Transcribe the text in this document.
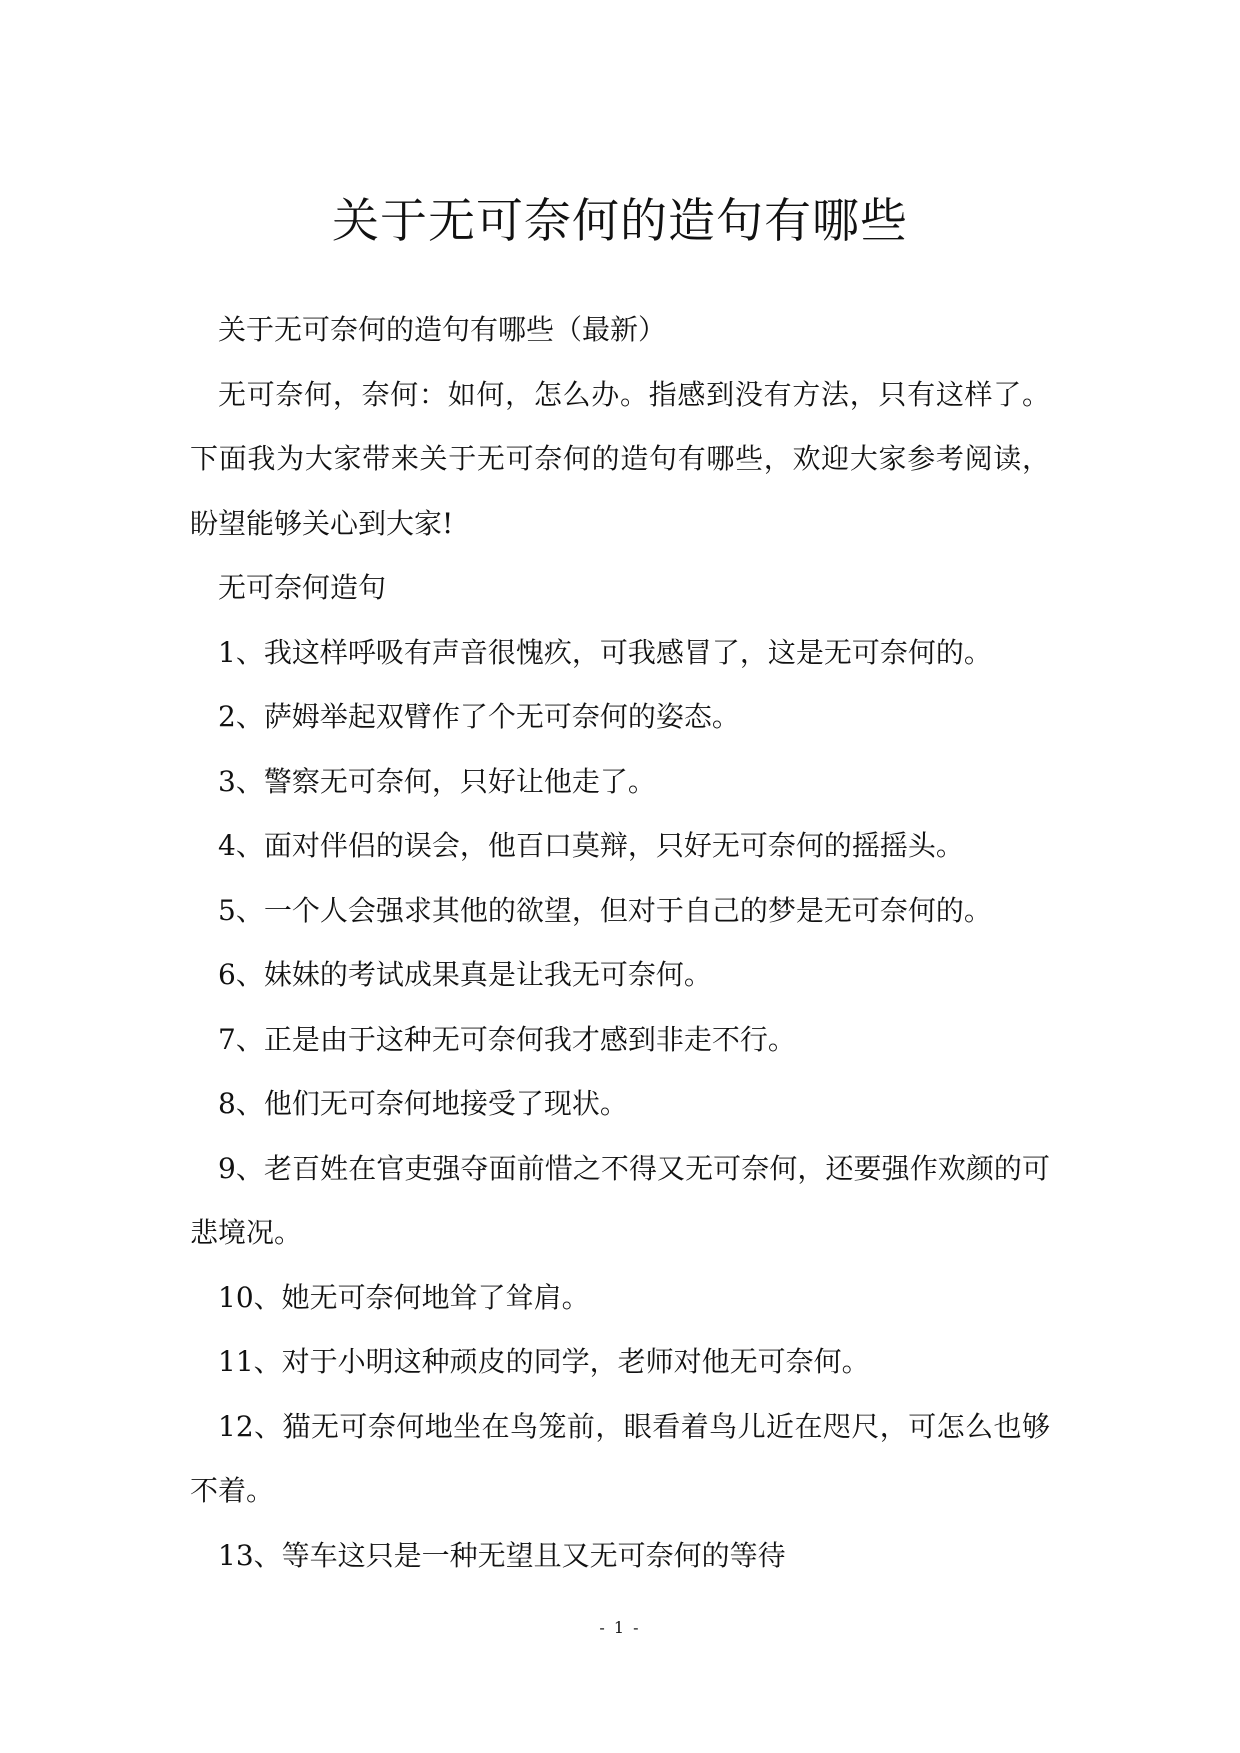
关于无可奈何的造句有哪些

关于无可奈何的造句有哪些（最新）

无可奈何，奈何：如何，怎么办。指感到没有方法，只有这样了。下面我为大家带来关于无可奈何的造句有哪些，欢迎大家参考阅读，盼望能够关心到大家!

无可奈何造句

1、我这样呼吸有声音很愧疚，可我感冒了，这是无可奈何的。

2、萨姆举起双臂作了个无可奈何的姿态。

3、警察无可奈何，只好让他走了。

4、面对伴侣的误会，他百口莫辩，只好无可奈何的摇摇头。

5、一个人会强求其他的欲望，但对于自己的梦是无可奈何的。

6、妹妹的考试成果真是让我无可奈何。

7、正是由于这种无可奈何我才感到非走不行。

8、他们无可奈何地接受了现状。

9、老百姓在官吏强夺面前惜之不得又无可奈何，还要强作欢颜的可悲境况。

10、她无可奈何地耸了耸肩。

11、对于小明这种顽皮的同学，老师对他无可奈何。

12、猫无可奈何地坐在鸟笼前，眼看着鸟儿近在咫尺，可怎么也够不着。

13、等车这只是一种无望且又无可奈何的等待

- 1 -
